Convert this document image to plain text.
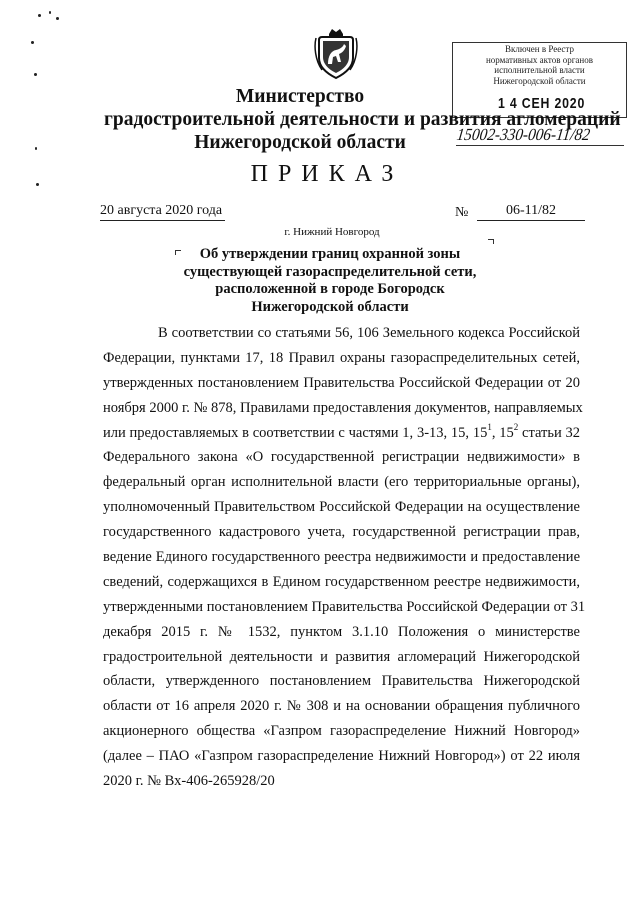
Включен в Реестр
нормативных актов органов
исполнительной власти
Нижегородской области
1 4 СЕН 2020
15002-330-006-11/82
Министерство
градостроительной деятельности и развития агломераций
Нижегородской области
ПРИКАЗ
20 августа 2020 года	№	06-11/82
г. Нижний Новгород
Об утверждении границ охранной зоны
существующей газораспределительной сети,
расположенной в городе Богородск
Нижегородской области
В соответствии со статьями 56, 106 Земельного кодекса Российской
Федерации, пунктами 17, 18 Правил охраны газораспределительных сетей,
утвержденных постановлением Правительства Российской Федерации от 20
ноября 2000 г. № 878, Правилами предоставления документов, направляемых
или предоставляемых в соответствии с частями 1, 3-13, 15, $15^1$, $15^2$ статьи 32
Федерального закона «О государственной регистрации недвижимости» в
федеральный орган исполнительной власти (его территориальные органы),
уполномоченный Правительством Российской Федерации на осуществление
государственного кадастрового учета, государственной регистрации прав,
ведение Единого государственного реестра недвижимости и предоставление
сведений, содержащихся в Едином государственном реестре недвижимости,
утвержденными постановлением Правительства Российской Федерации от 31
декабря 2015 г. № 1532, пунктом 3.1.10 Положения о министерстве
градостроительной деятельности и развития агломераций Нижегородской
области, утвержденного постановлением Правительства Нижегородской
области от 16 апреля 2020 г. № 308 и на основании обращения публичного
акционерного общества «Газпром газораспределение Нижний Новгород»
(далее – ПАО «Газпром газораспределение Нижний Новгород») от 22 июля
2020 г. № Вх-406-265928/20
